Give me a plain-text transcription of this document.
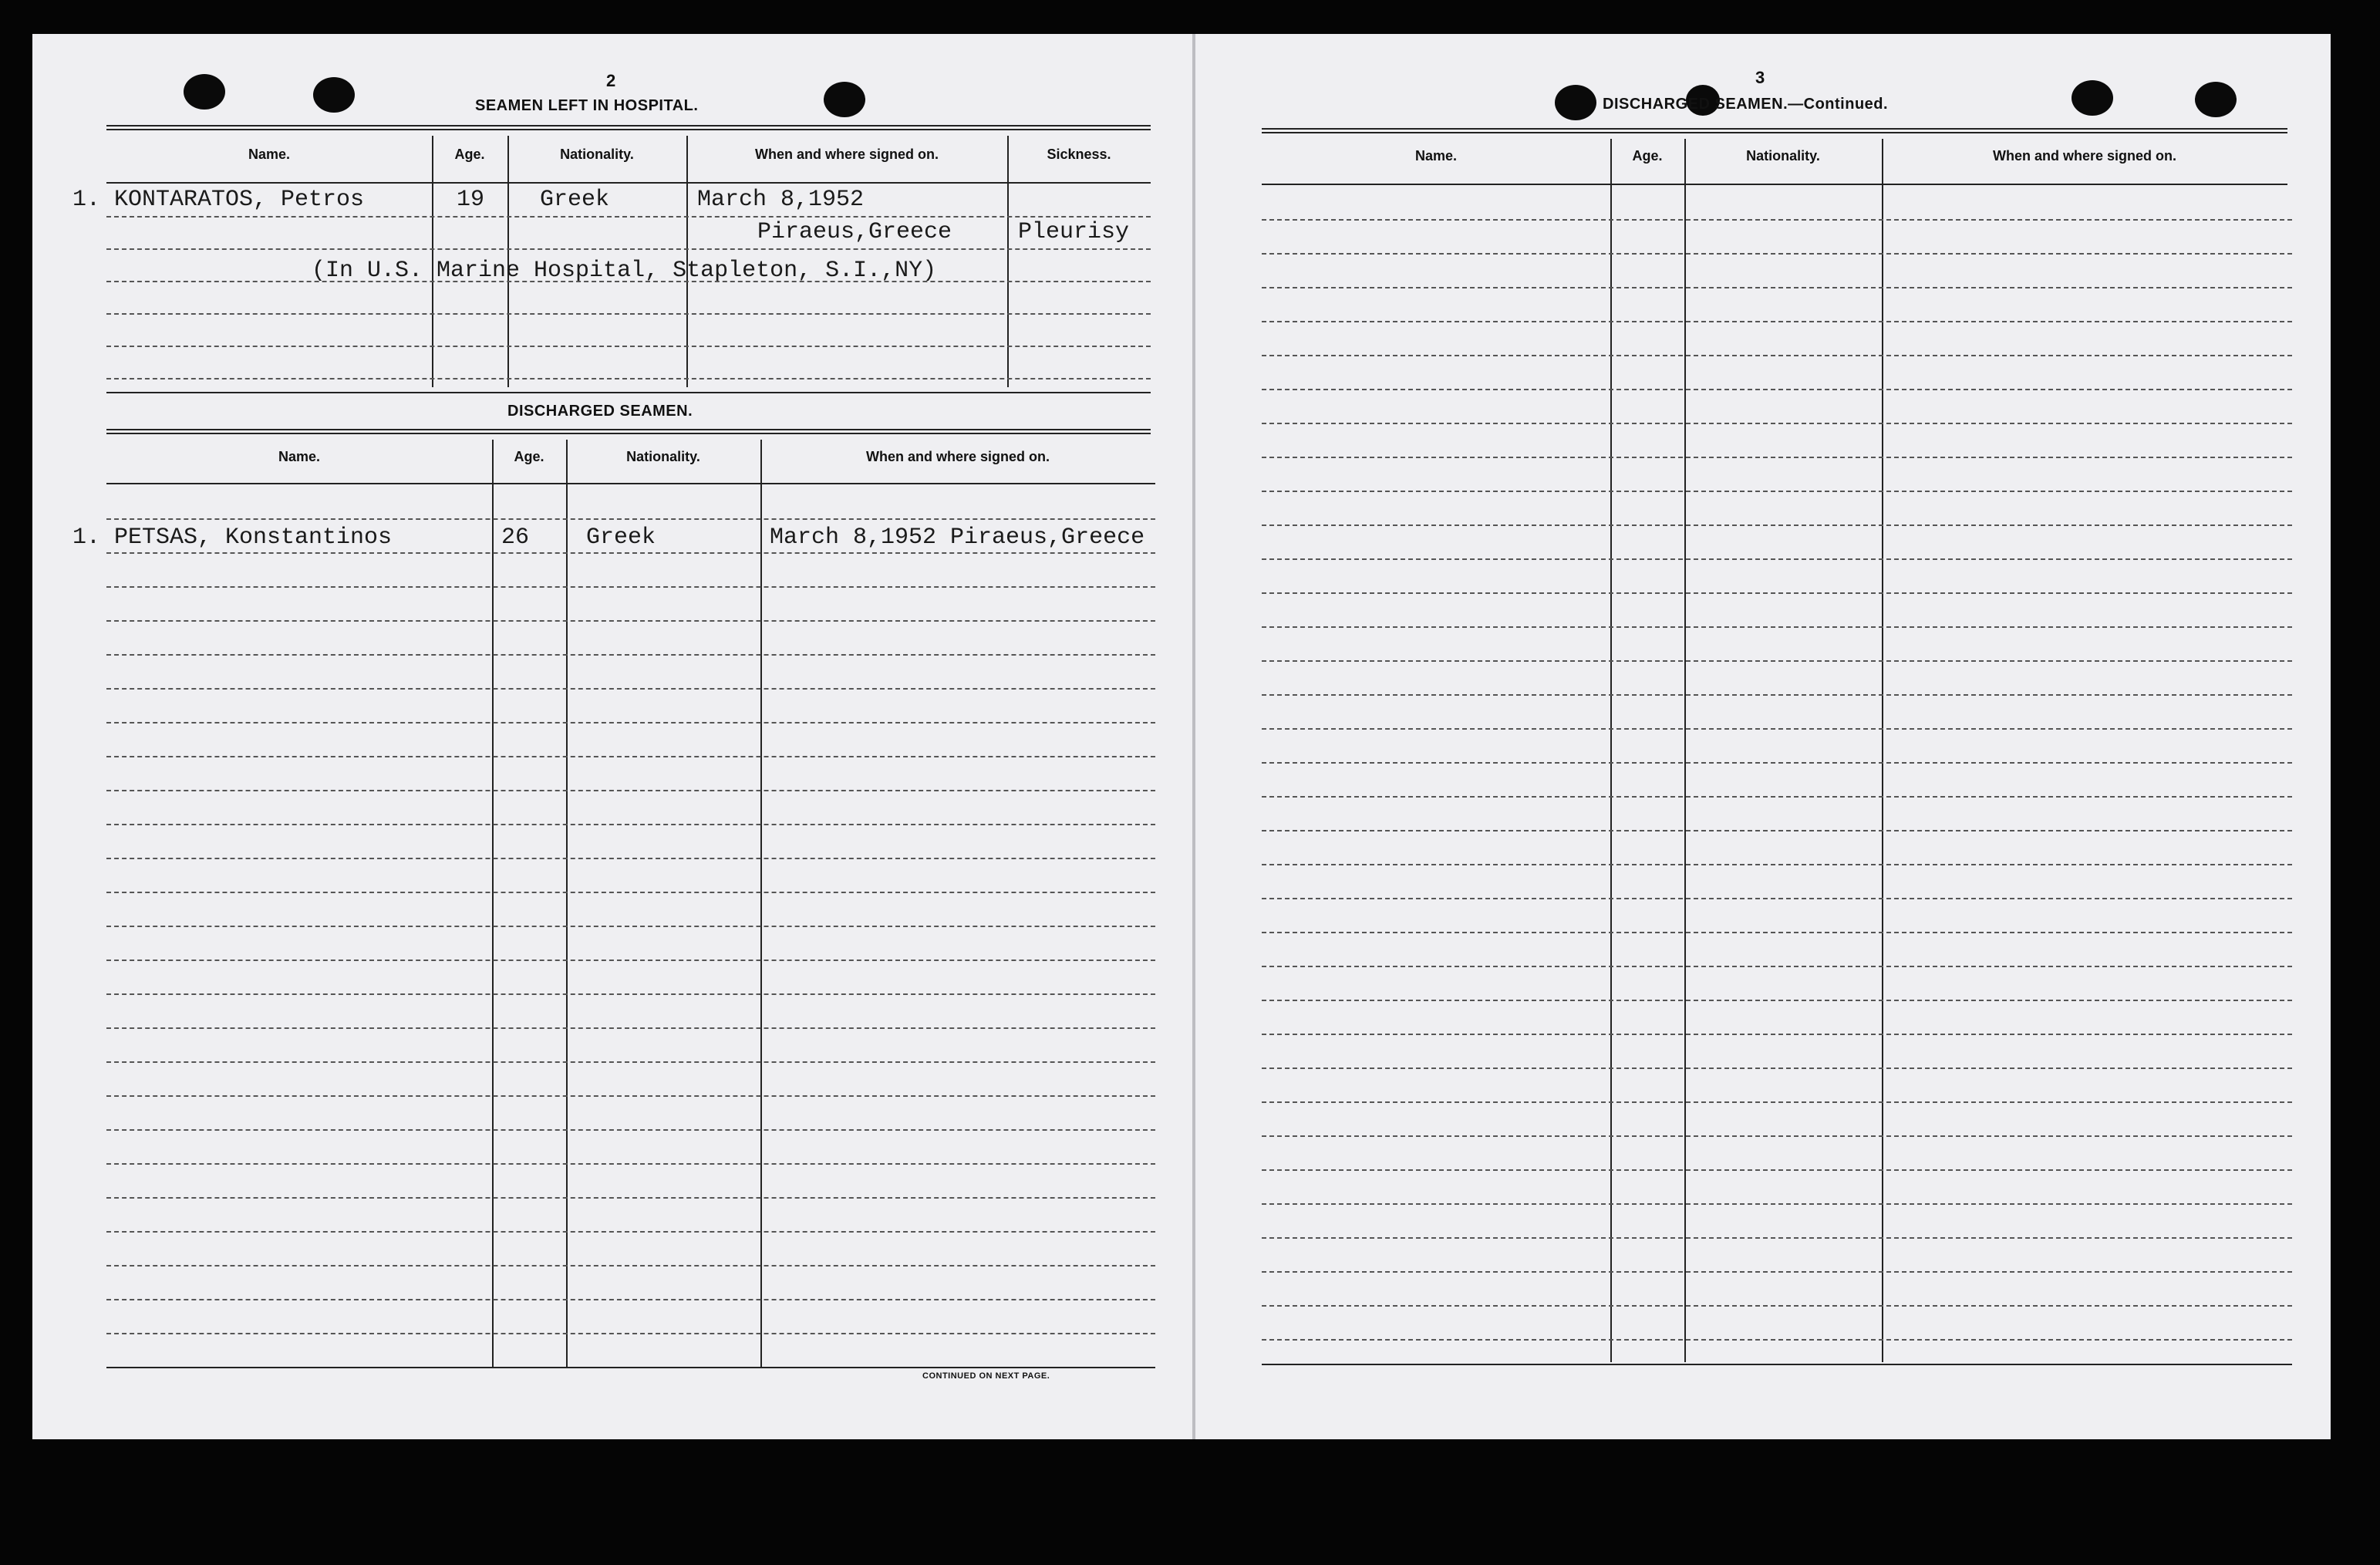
2
SEAMEN LEFT IN HOSPITAL.
Name.	Age.	Nationality.	When and where signed on.	Sickness.
1. KONTARATOS, Petros	19 Greek	March 8,1952
Piraeus,Greece	Pleurisy
(In U.S. Marine Hospital, Stapleton, S.I.,NY)
DISCHARGED SEAMEN.
Name.	Age.	Nationality.	When and where signed on.
1. PETSAS, Konstantinos	26 Greek	March 8,1952 Piraeus,Greece
CONTINUED ON NEXT PAGE.
3
DISCHARGED SEAMEN.—Continued.
Name.	Age.	Nationality.	When and where signed on.
